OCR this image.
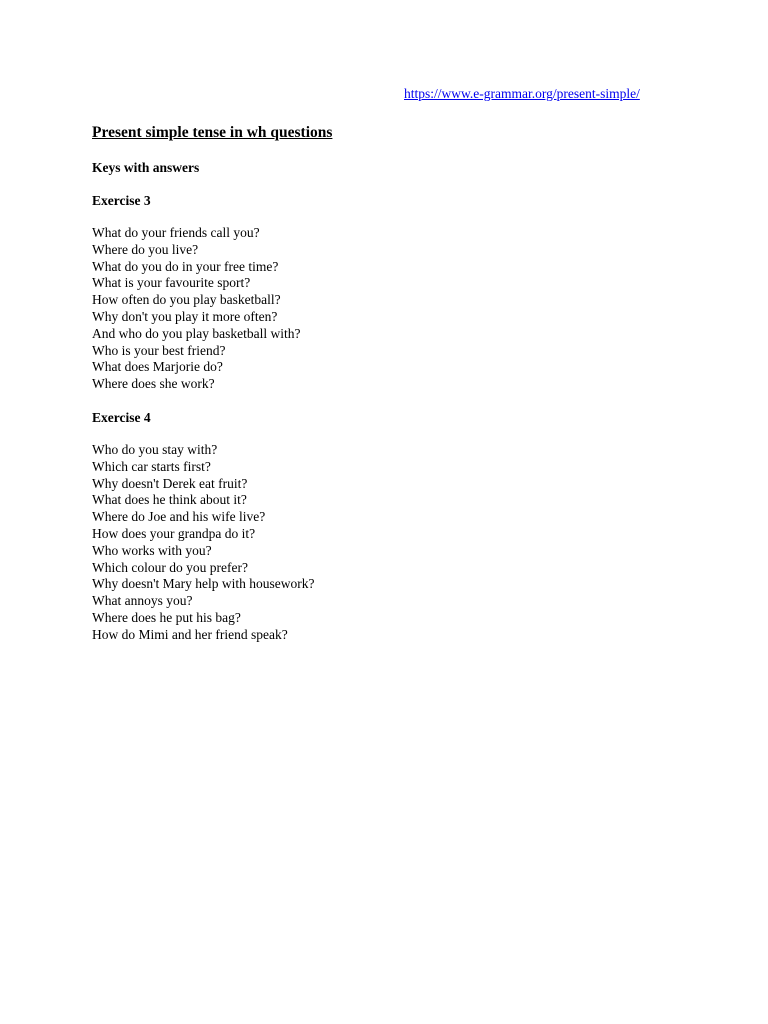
https://www.e-grammar.org/present-simple/
Present simple tense in wh questions
Keys with answers
Exercise 3
What do your friends call you?
Where do you live?
What do you do in your free time?
What is your favourite sport?
How often do you play basketball?
Why don't you play it more often?
And who do you play basketball with?
Who is your best friend?
What does Marjorie do?
Where does she work?
Exercise 4
Who do you stay with?
Which car starts first?
Why doesn't Derek eat fruit?
What does he think about it?
Where do Joe and his wife live?
How does your grandpa do it?
Who works with you?
Which colour do you prefer?
Why doesn't Mary help with housework?
What annoys you?
Where does he put his bag?
How do Mimi and her friend speak?
